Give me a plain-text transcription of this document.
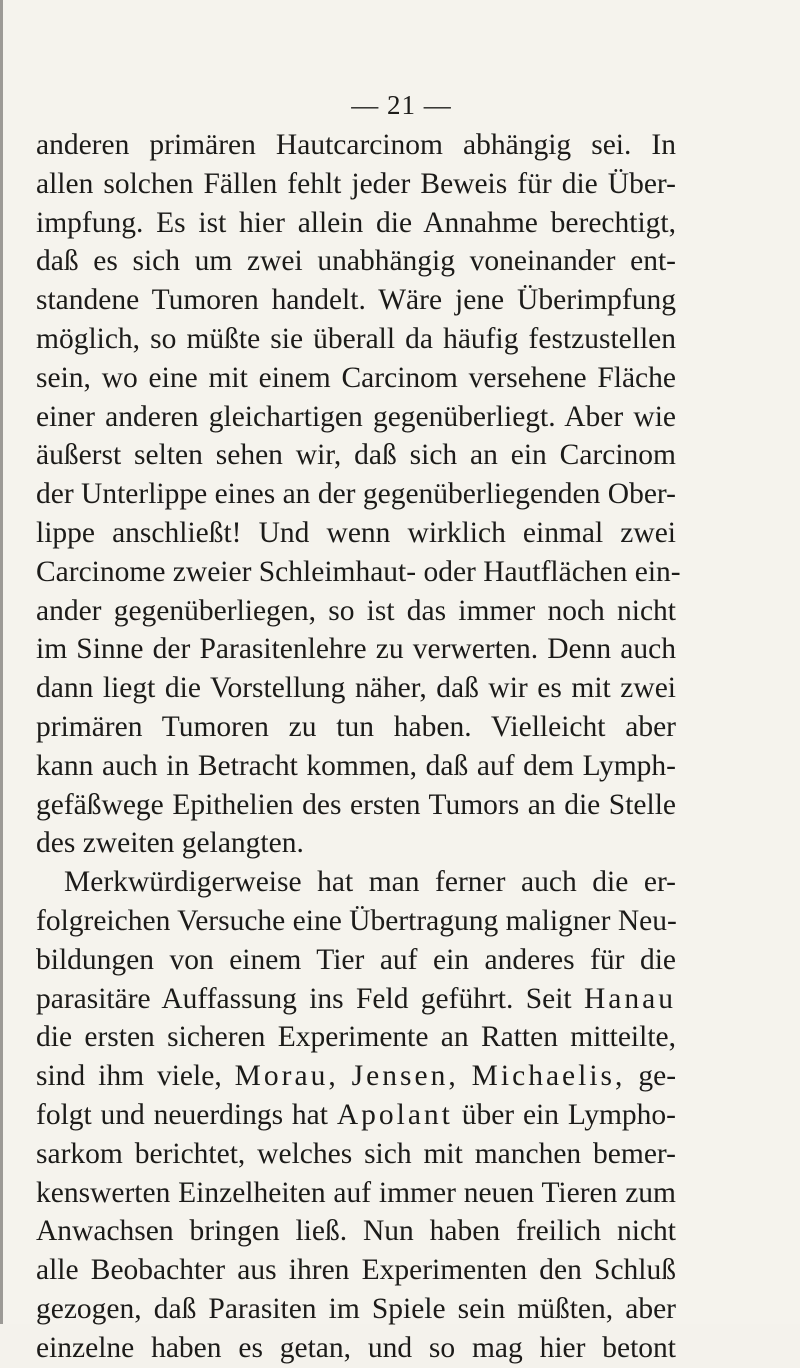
— 21 —
anderen primären Hautcarcinom abhängig sei. In
allen solchen Fällen fehlt jeder Beweis für die Über-
impfung. Es ist hier allein die Annahme berechtigt,
daß es sich um zwei unabhängig voneinander ent-
standene Tumoren handelt. Wäre jene Überimpfung
möglich, so müßte sie überall da häufig festzustellen
sein, wo eine mit einem Carcinom versehene Fläche
einer anderen gleichartigen gegenüberliegt. Aber wie
äußerst selten sehen wir, daß sich an ein Carcinom
der Unterlippe eines an der gegenüberliegenden Ober-
lippe anschließt! Und wenn wirklich einmal zwei
Carcinome zweier Schleimhaut- oder Hautflächen ein-
ander gegenüberliegen, so ist das immer noch nicht
im Sinne der Parasitenlehre zu verwerten. Denn auch
dann liegt die Vorstellung näher, daß wir es mit zwei
primären Tumoren zu tun haben. Vielleicht aber
kann auch in Betracht kommen, daß auf dem Lymph-
gefäßwege Epithelien des ersten Tumors an die Stelle
des zweiten gelangten.
Merkwürdigerweise hat man ferner auch die er-
folgreichen Versuche eine Übertragung maligner Neu-
bildungen von einem Tier auf ein anderes für die
parasitäre Auffassung ins Feld geführt. Seit Hanau
die ersten sicheren Experimente an Ratten mitteilte,
sind ihm viele, Morau, Jensen, Michaelis, ge-
folgt und neuerdings hat Apolant über ein Lympho-
sarkom berichtet, welches sich mit manchen bemer-
kenswerten Einzelheiten auf immer neuen Tieren zum
Anwachsen bringen ließ. Nun haben freilich nicht
alle Beobachter aus ihren Experimenten den Schluß
gezogen, daß Parasiten im Spiele sein müßten, aber
einzelne haben es getan, und so mag hier betont
